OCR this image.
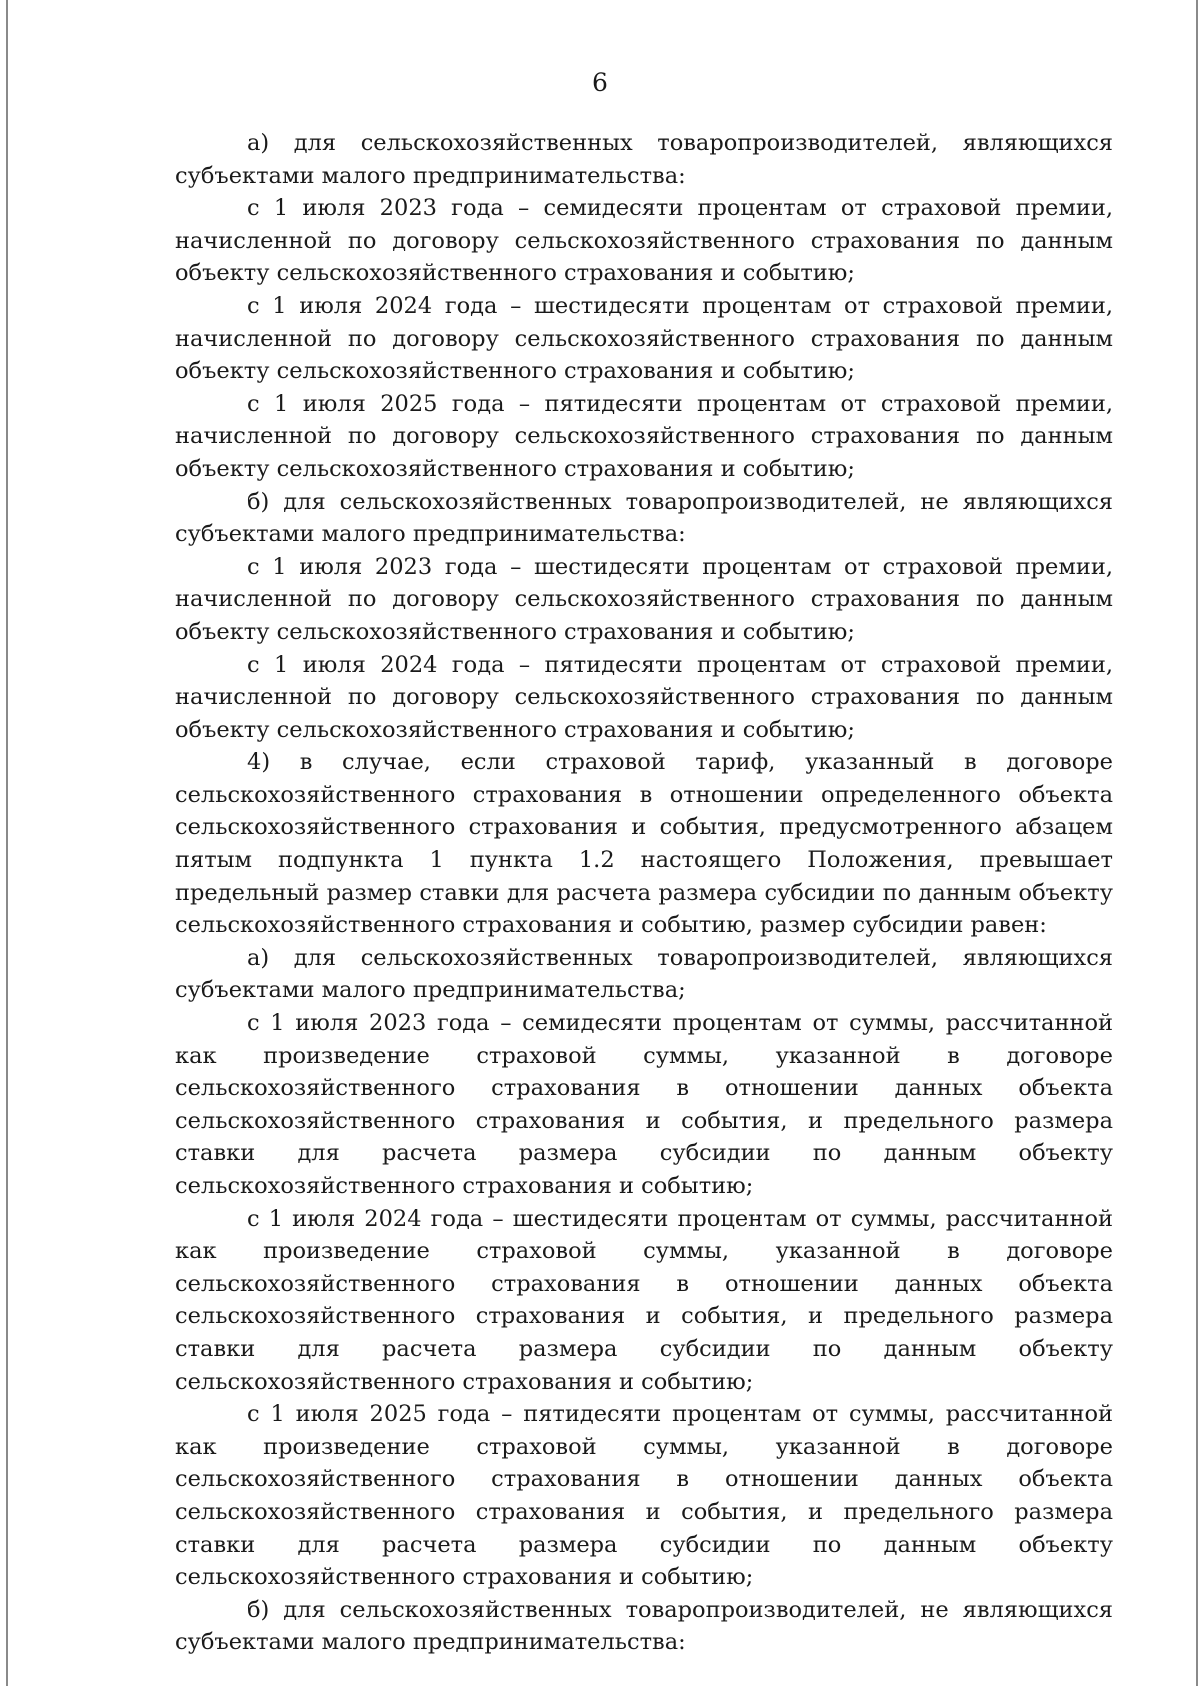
6

а) для сельскохозяйственных товаропроизводителей, являющихся субъектами малого предпринимательства:

с 1 июля 2023 года – семидесяти процентам от страховой премии, начисленной по договору сельскохозяйственного страхования по данным объекту сельскохозяйственного страхования и событию;

с 1 июля 2024 года – шестидесяти процентам от страховой премии, начисленной по договору сельскохозяйственного страхования по данным объекту сельскохозяйственного страхования и событию;

с 1 июля 2025 года – пятидесяти процентам от страховой премии, начисленной по договору сельскохозяйственного страхования по данным объекту сельскохозяйственного страхования и событию;

б) для сельскохозяйственных товаропроизводителей, не являющихся субъектами малого предпринимательства:

с 1 июля 2023 года – шестидесяти процентам от страховой премии, начисленной по договору сельскохозяйственного страхования по данным объекту сельскохозяйственного страхования и событию;

с 1 июля 2024 года – пятидесяти процентам от страховой премии, начисленной по договору сельскохозяйственного страхования по данным объекту сельскохозяйственного страхования и событию;

4) в случае, если страховой тариф, указанный в договоре сельскохозяйственного страхования в отношении определенного объекта сельскохозяйственного страхования и события, предусмотренного абзацем пятым подпункта 1 пункта 1.2 настоящего Положения, превышает предельный размер ставки для расчета размера субсидии по данным объекту сельскохозяйственного страхования и событию, размер субсидии равен:

а) для сельскохозяйственных товаропроизводителей, являющихся субъектами малого предпринимательства;

с 1 июля 2023 года – семидесяти процентам от суммы, рассчитанной как произведение страховой суммы, указанной в договоре сельскохозяйственного страхования в отношении данных объекта сельскохозяйственного страхования и события, и предельного размера ставки для расчета размера субсидии по данным объекту сельскохозяйственного страхования и событию;

с 1 июля 2024 года – шестидесяти процентам от суммы, рассчитанной как произведение страховой суммы, указанной в договоре сельскохозяйственного страхования в отношении данных объекта сельскохозяйственного страхования и события, и предельного размера ставки для расчета размера субсидии по данным объекту сельскохозяйственного страхования и событию;

с 1 июля 2025 года – пятидесяти процентам от суммы, рассчитанной как произведение страховой суммы, указанной в договоре сельскохозяйственного страхования в отношении данных объекта сельскохозяйственного страхования и события, и предельного размера ставки для расчета размера субсидии по данным объекту сельскохозяйственного страхования и событию;

б) для сельскохозяйственных товаропроизводителей, не являющихся субъектами малого предпринимательства:
